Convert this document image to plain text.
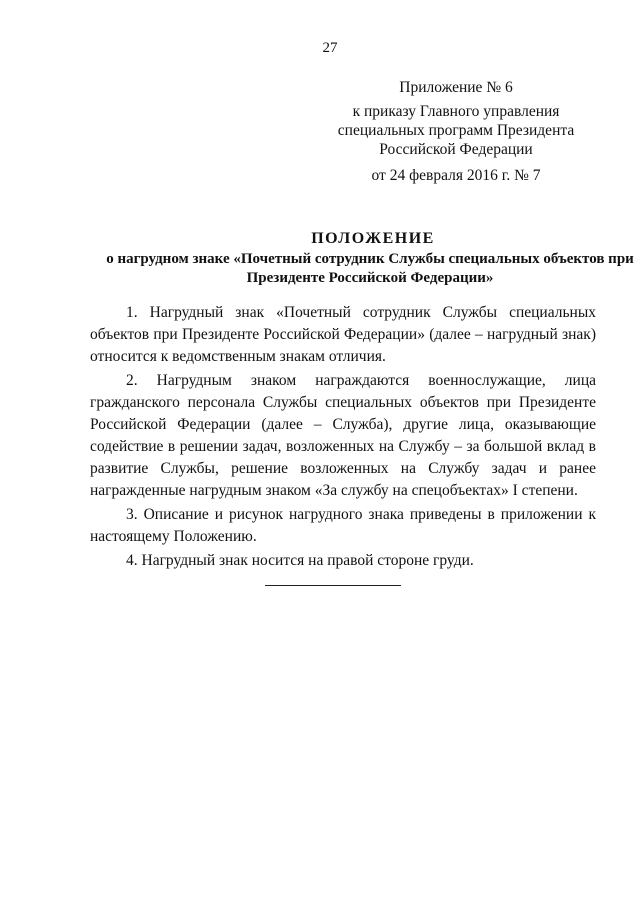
27
Приложение № 6
к приказу Главного управления
специальных программ Президента
Российской Федерации
от 24 февраля 2016 г. № 7
ПОЛОЖЕНИЕ
о нагрудном знаке «Почетный сотрудник Службы специальных объектов при Президенте Российской Федерации»

1. Нагрудный знак «Почетный сотрудник Службы специальных объектов при Президенте Российской Федерации» (далее – нагрудный знак) относится к ведомственным знакам отличия.

2. Нагрудным знаком награждаются военнослужащие, лица гражданского персонала Службы специальных объектов при Президенте Российской Федерации (далее – Служба), другие лица, оказывающие содействие в решении задач, возложенных на Службу – за большой вклад в развитие Службы, решение возложенных на Службу задач и ранее награжденные нагрудным знаком «За службу на спецобъектах» I степени.

3. Описание и рисунок нагрудного знака приведены в приложении к настоящему Положению.

4. Нагрудный знак носится на правой стороне груди.
